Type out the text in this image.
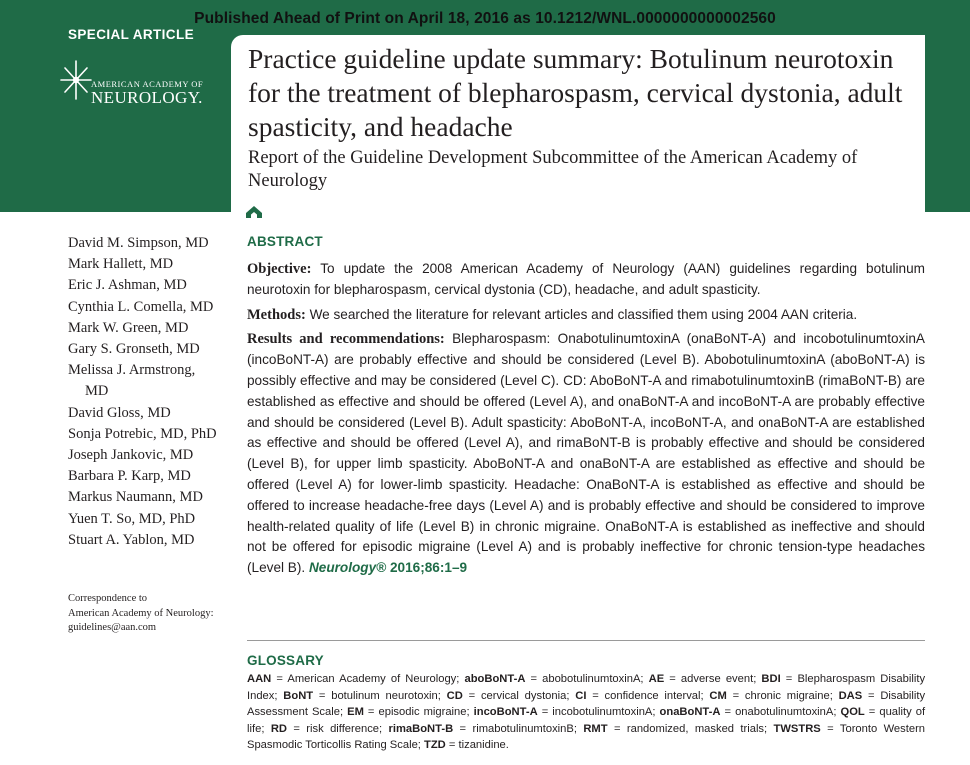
Published Ahead of Print on April 18, 2016 as 10.1212/WNL.0000000000002560
SPECIAL ARTICLE
AMERICAN ACADEMY OF
NEUROLOGY.
Practice guideline update summary: Botulinum neurotoxin for the treatment of blepharospasm, cervical dystonia, adult spasticity, and headache
Report of the Guideline Development Subcommittee of the American Academy of Neurology
David M. Simpson, MD
Mark Hallett, MD
Eric J. Ashman, MD
Cynthia L. Comella, MD
Mark W. Green, MD
Gary S. Gronseth, MD
Melissa J. Armstrong,
MD
David Gloss, MD
Sonja Potrebic, MD, PhD
Joseph Jankovic, MD
Barbara P. Karp, MD
Markus Naumann, MD
Yuen T. So, MD, PhD
Stuart A. Yablon, MD
Correspondence to
American Academy of Neurology:
guidelines@aan.com
ABSTRACT

Objective: To update the 2008 American Academy of Neurology (AAN) guidelines regarding botulinum neurotoxin for blepharospasm, cervical dystonia (CD), headache, and adult spasticity.

Methods: We searched the literature for relevant articles and classified them using 2004 AAN criteria.

Results and recommendations: Blepharospasm: OnabotulinumtoxinA (onaBoNT-A) and incobotulinumtoxinA (incoBoNT-A) are probably effective and should be considered (Level B). AbobotulinumtoxinA (aboBoNT-A) is possibly effective and may be considered (Level C). CD: AboBoNT-A and rimabotulinumtoxinB (rimaBoNT-B) are established as effective and should be offered (Level A), and onaBoNT-A and incoBoNT-A are probably effective and should be considered (Level B). Adult spasticity: AboBoNT-A, incoBoNT-A, and onaBoNT-A are established as effective and should be offered (Level A), and rimaBoNT-B is probably effective and should be considered (Level B), for upper limb spasticity. AboBoNT-A and onaBoNT-A are established as effective and should be offered (Level A) for lower-limb spasticity. Headache: OnaBoNT-A is established as effective and should be offered to increase headache-free days (Level A) and is probably effective and should be considered to improve health-related quality of life (Level B) in chronic migraine. OnaBoNT-A is established as ineffective and should not be offered for episodic migraine (Level A) and is probably ineffective for chronic tension-type headaches (Level B). Neurology® 2016;86:1–9

GLOSSARY
AAN = American Academy of Neurology; aboBoNT-A = abobotulinumtoxinA; AE = adverse event; BDI = Blepharospasm Disability Index; BoNT = botulinum neurotoxin; CD = cervical dystonia; CI = confidence interval; CM = chronic migraine; DAS = Disability Assessment Scale; EM = episodic migraine; incoBoNT-A = incobotulinumtoxinA; onaBoNT-A = onabotulinumtoxinA; QOL = quality of life; RD = risk difference; rimaBoNT-B = rimabotulinumtoxinB; RMT = randomized, masked trials; TWSTRS = Toronto Western Spasmodic Torticollis Rating Scale; TZD = tizanidine.
